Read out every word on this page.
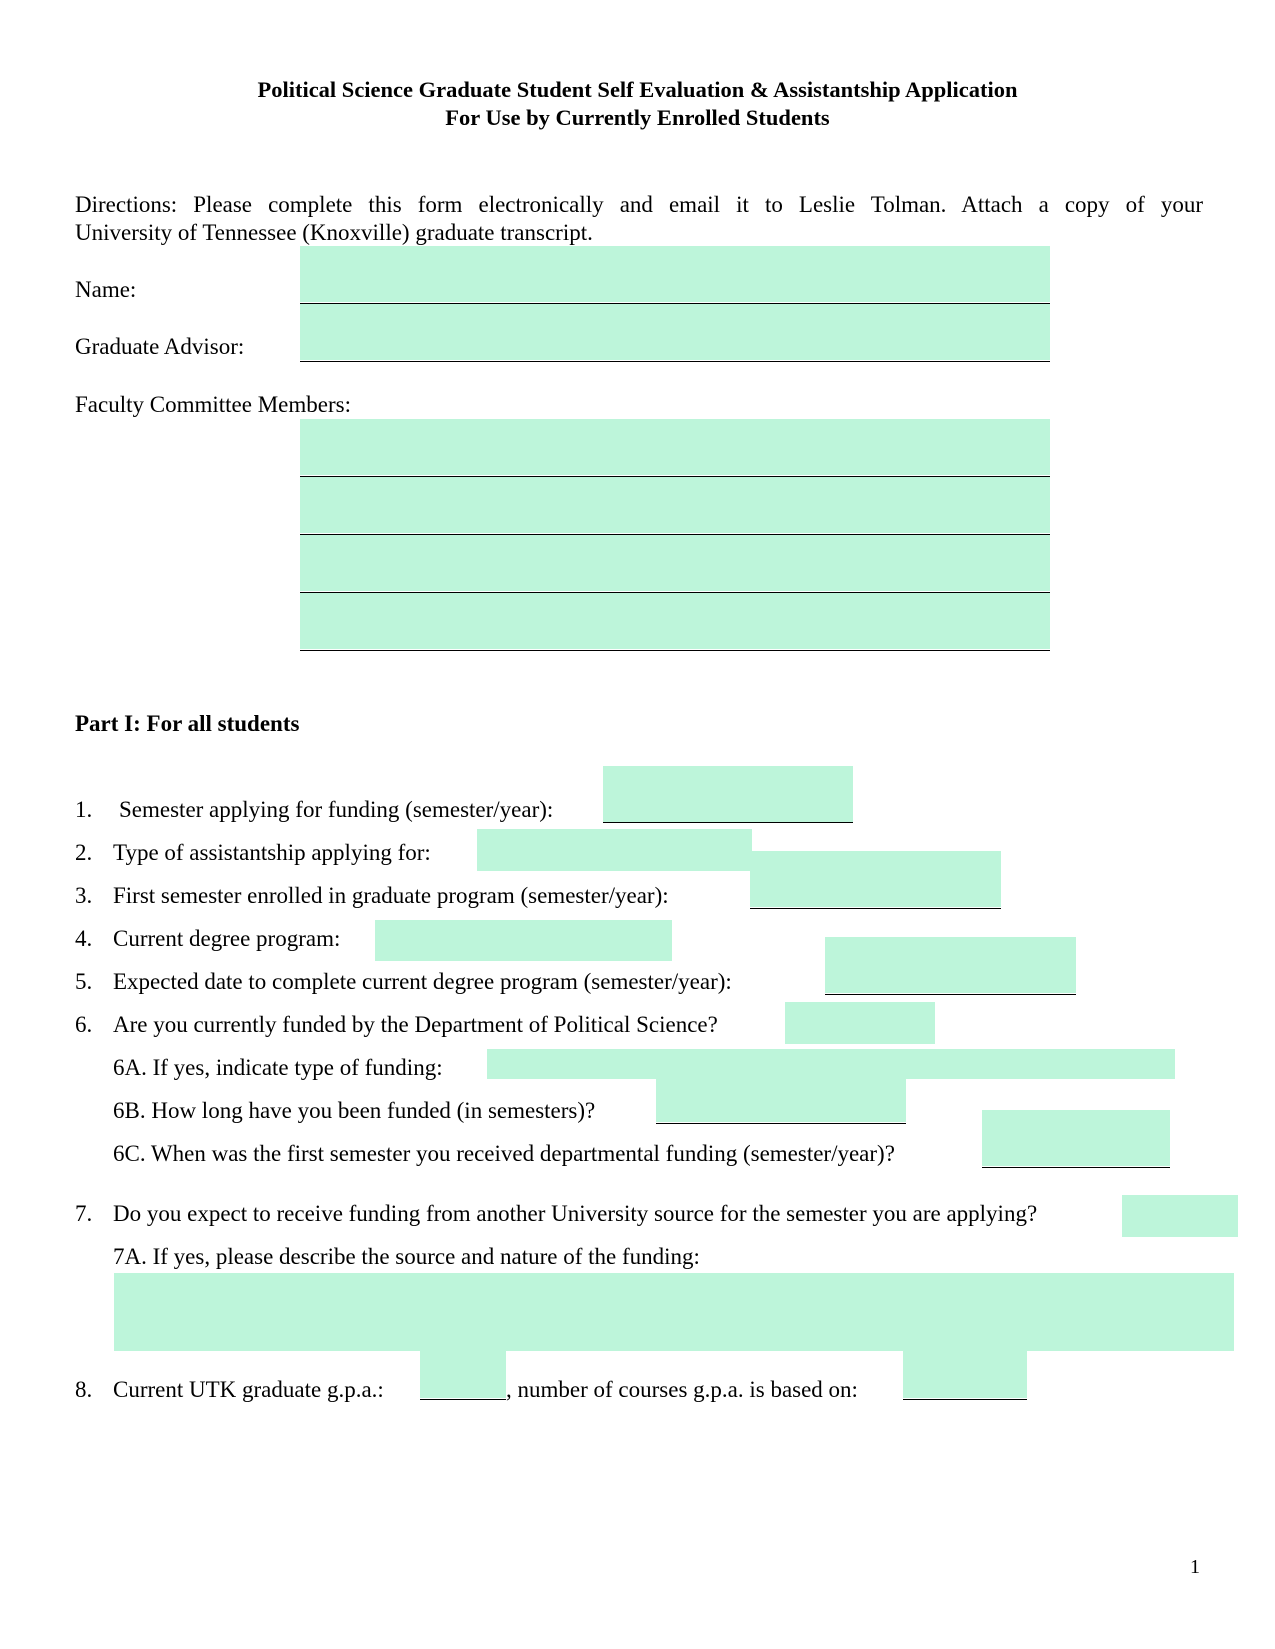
Political Science Graduate Student Self Evaluation & Assistantship Application
For Use by Currently Enrolled Students
Directions: Please complete this form electronically and email it to Leslie Tolman. Attach a copy of your
University of Tennessee (Knoxville) graduate transcript.
Name:
Graduate Advisor:
Faculty Committee Members:
Part I: For all students
1. Semester applying for funding (semester/year):
2. Type of assistantship applying for:
3. First semester enrolled in graduate program (semester/year):
4. Current degree program:
5. Expected date to complete current degree program (semester/year):
6. Are you currently funded by the Department of Political Science?
6A. If yes, indicate type of funding:
6B. How long have you been funded (in semesters)?
6C. When was the first semester you received departmental funding (semester/year)?
7. Do you expect to receive funding from another University source for the semester you are applying?
7A. If yes, please describe the source and nature of the funding:
8. Current UTK graduate g.p.a.:	, number of courses g.p.a. is based on:
1
